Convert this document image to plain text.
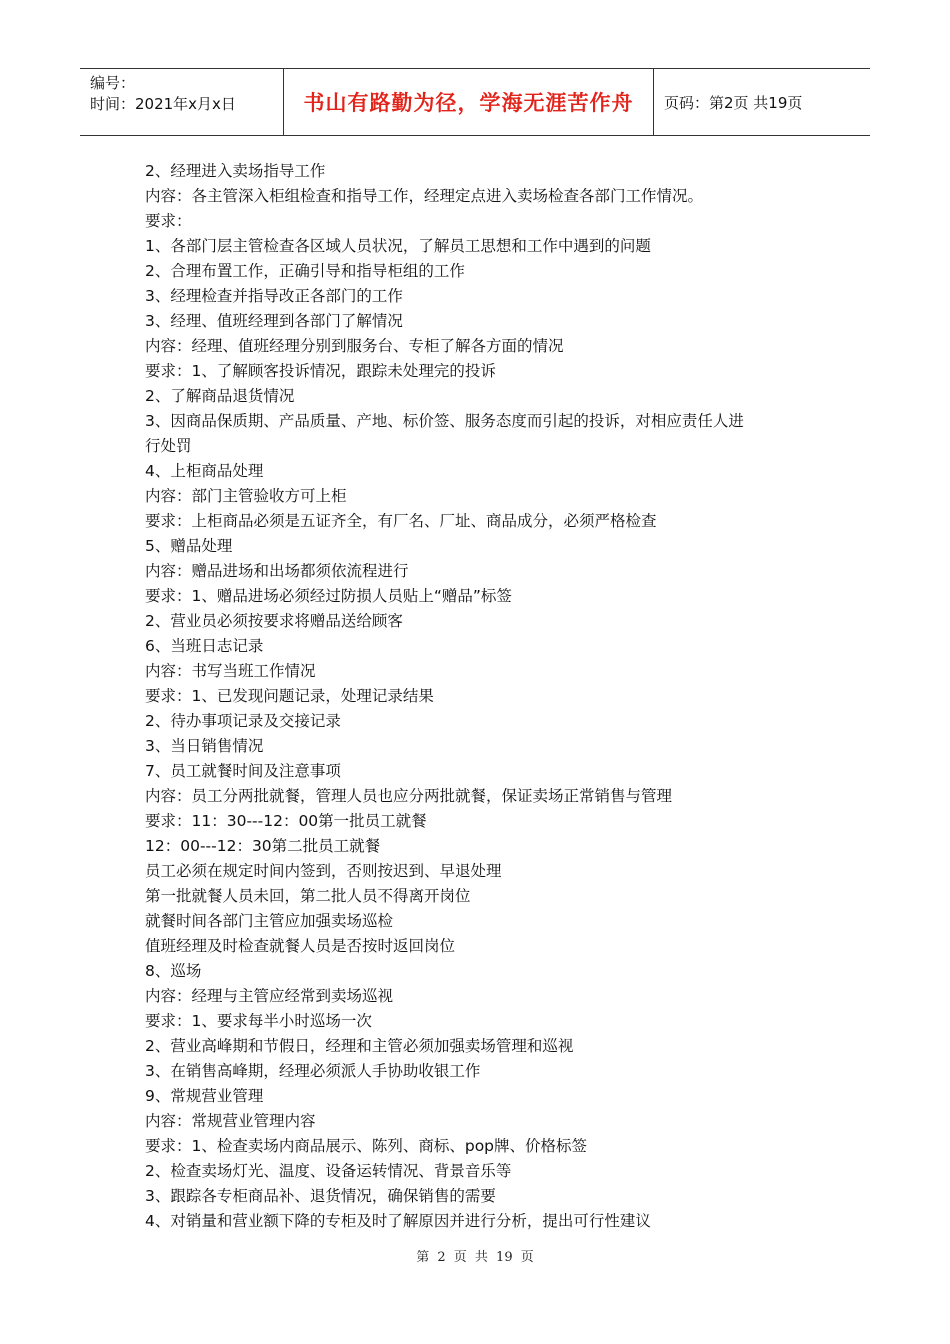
编号：
时间：2021年x月x日	书山有路勤为径，学海无涯苦作舟	页码：第2页 共19页
2、经理进入卖场指导工作
内容：各主管深入柜组检查和指导工作，经理定点进入卖场检查各部门工作情况。
要求：
1、各部门层主管检查各区域人员状况，了解员工思想和工作中遇到的问题
2、合理布置工作，正确引导和指导柜组的工作
3、经理检查并指导改正各部门的工作
3、经理、值班经理到各部门了解情况
内容：经理、值班经理分别到服务台、专柜了解各方面的情况
要求：1、了解顾客投诉情况，跟踪未处理完的投诉
2、了解商品退货情况
3、因商品保质期、产品质量、产地、标价签、服务态度而引起的投诉，对相应责任人进
行处罚
4、上柜商品处理
内容：部门主管验收方可上柜
要求：上柜商品必须是五证齐全，有厂名、厂址、商品成分，必须严格检查
5、赠品处理
内容：赠品进场和出场都须依流程进行
要求：1、赠品进场必须经过防损人员贴上“赠品”标签
2、营业员必须按要求将赠品送给顾客
6、当班日志记录
内容：书写当班工作情况
要求：1、已发现问题记录，处理记录结果
2、待办事项记录及交接记录
3、当日销售情况
7、员工就餐时间及注意事项
内容：员工分两批就餐，管理人员也应分两批就餐，保证卖场正常销售与管理
要求：11：30---12：00第一批员工就餐
12：00---12：30第二批员工就餐
员工必须在规定时间内签到，否则按迟到、早退处理
第一批就餐人员未回，第二批人员不得离开岗位
就餐时间各部门主管应加强卖场巡检
值班经理及时检查就餐人员是否按时返回岗位
8、巡场
内容：经理与主管应经常到卖场巡视
要求：1、要求每半小时巡场一次
2、营业高峰期和节假日，经理和主管必须加强卖场管理和巡视
3、在销售高峰期，经理必须派人手协助收银工作
9、常规营业管理
内容：常规营业管理内容
要求：1、检查卖场内商品展示、陈列、商标、pop牌、价格标签
2、检查卖场灯光、温度、设备运转情况、背景音乐等
3、跟踪各专柜商品补、退货情况，确保销售的需要
4、对销量和营业额下降的专柜及时了解原因并进行分析，提出可行性建议
第 2 页 共 19 页
